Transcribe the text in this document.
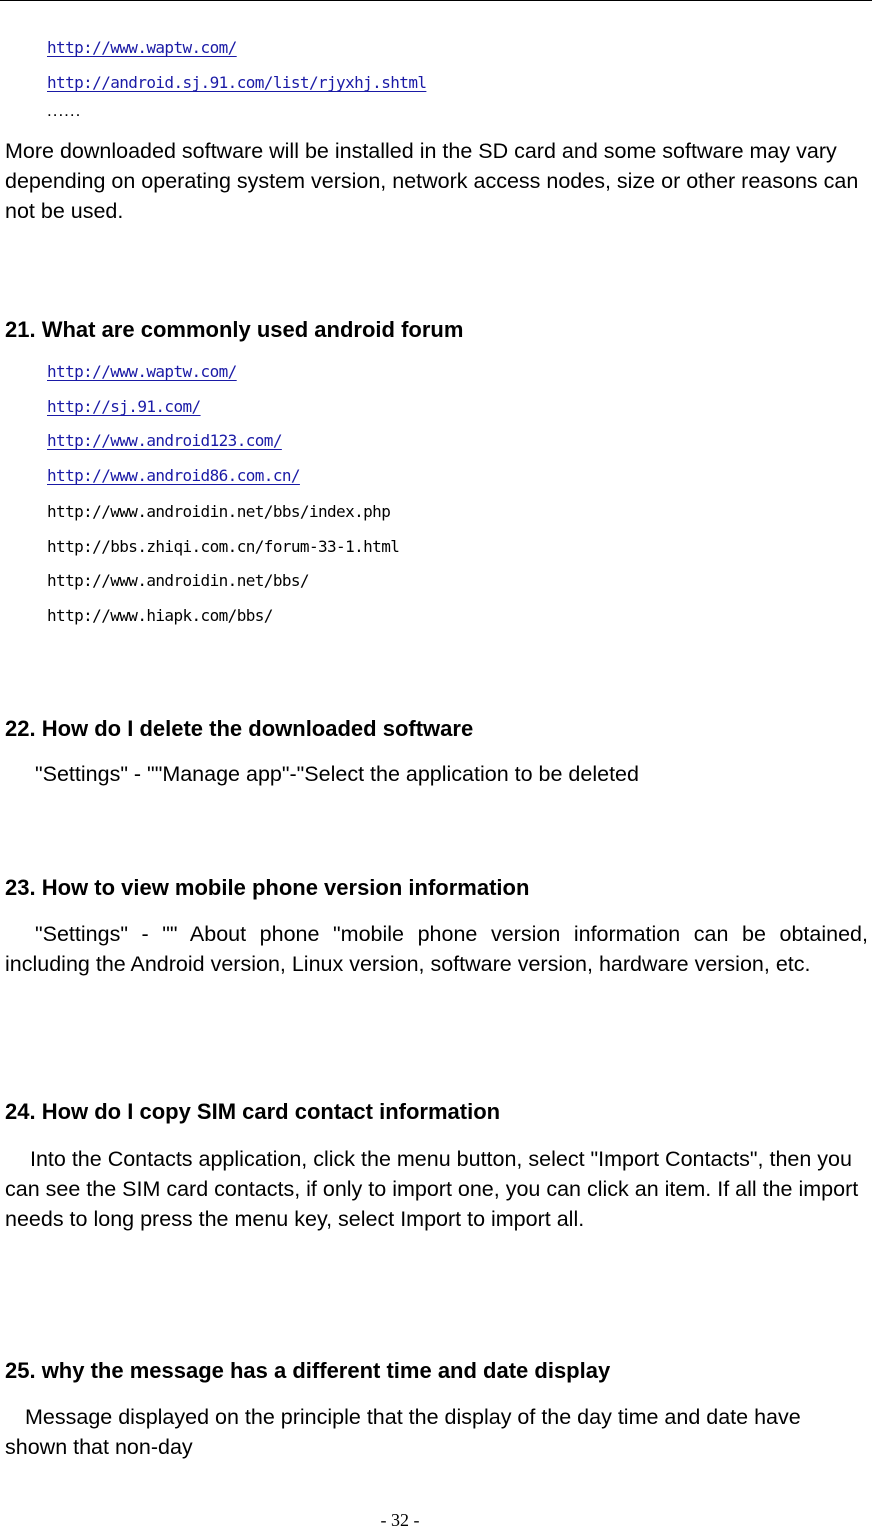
http://www.waptw.com/
http://android.sj.91.com/list/rjyxhj.shtml
......

More downloaded software will be installed in the SD card and some software may vary depending on operating system version, network access nodes, size or other reasons can not be used.

21. What are commonly used android forum
http://www.waptw.com/
http://sj.91.com/
http://www.android123.com/
http://www.android86.com.cn/
http://www.androidin.net/bbs/index.php
http://bbs.zhiqi.com.cn/forum-33-1.html
http://www.androidin.net/bbs/
http://www.hiapk.com/bbs/
22. How do I delete the downloaded software

"Settings" - ""Manage app"-"Select the application to be deleted

23. How to view mobile phone version information

"Settings" - "" About phone "mobile phone version information can be obtained, including the Android version, Linux version, software version, hardware version, etc.

24. How do I copy SIM card contact information

Into the Contacts application, click the menu button, select "Import Contacts", then you can see the SIM card contacts, if only to import one, you can click an item. If all the import needs to long press the menu key, select Import to import all.

25. why the message has a different time and date display

Message displayed on the principle that the display of the day time and date have shown that non-day

- 32 -
